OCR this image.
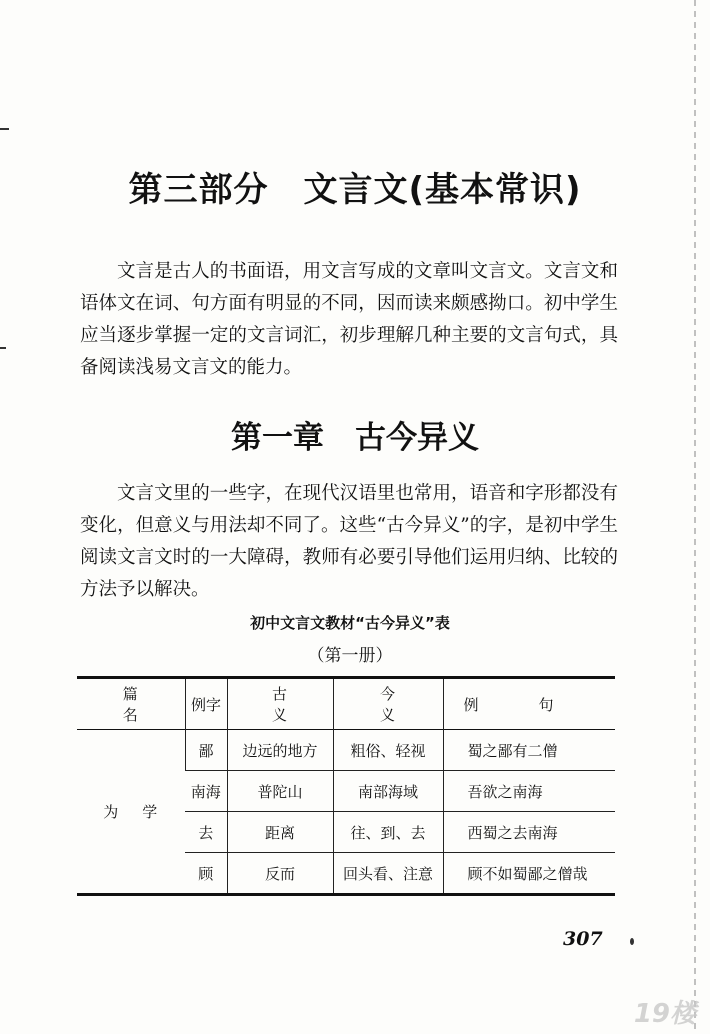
第三部分　文言文(基本常识)

文言是古人的书面语，用文言写成的文章叫文言文。文言文和语体文在词、句方面有明显的不同，因而读来颇感拗口。初中学生应当逐步掌握一定的文言词汇，初步理解几种主要的文言句式，具备阅读浅易文言文的能力。

第一章　古今异义

文言文里的一些字，在现代汉语里也常用，语音和字形都没有变化，但意义与用法却不同了。这些“古今异义”的字，是初中学生阅读文言文时的一大障碍，教师有必要引导他们运用归纳、比较的方法予以解决。

初中文言文教材“古今异义”表
（第一册）
篇名	例字	古义	今义	例句
为学	鄙	边远的地方	粗俗、轻视	蜀之鄙有二僧
	南海	普陀山	南部海域	吾欲之南海
	去	距离	往、到、去	西蜀之去南海
	顾	反而	回头看、注意	顾不如蜀鄙之僧哉
307
19楼
